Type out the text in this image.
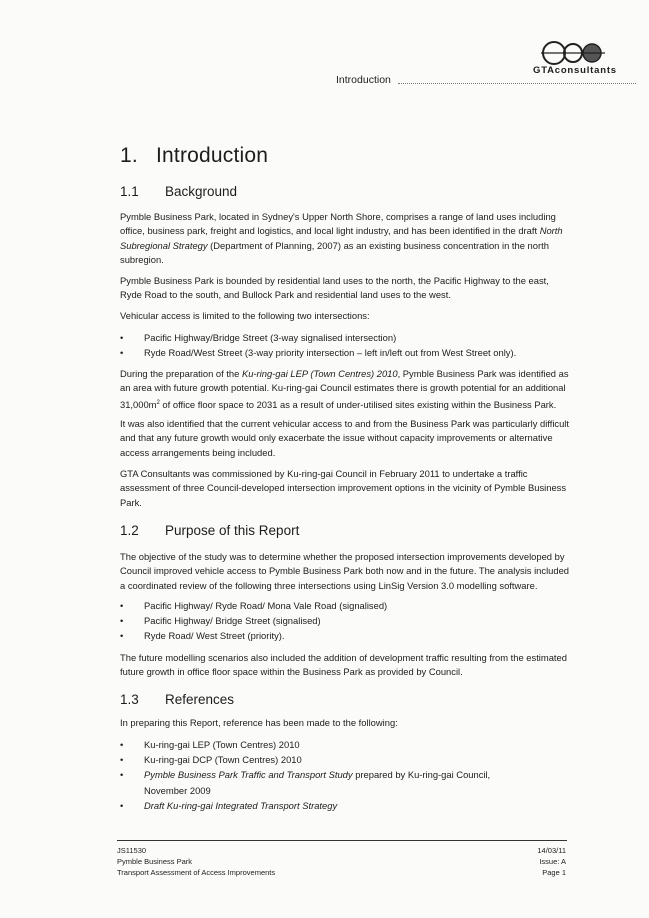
GTAconsultants
Introduction
1. Introduction
1.1 Background

Pymble Business Park, located in Sydney's Upper North Shore, comprises a range of land uses including office, business park, freight and logistics, and local light industry, and has been identified in the draft North Subregional Strategy (Department of Planning, 2007) as an existing business concentration in the north subregion.

Pymble Business Park is bounded by residential land uses to the north, the Pacific Highway to the east, Ryde Road to the south, and Bullock Park and residential land uses to the west.

Vehicular access is limited to the following two intersections:

• Pacific Highway/Bridge Street (3-way signalised intersection)
• Ryde Road/West Street (3-way priority intersection – left in/left out from West Street only).

During the preparation of the Ku-ring-gai LEP (Town Centres) 2010, Pymble Business Park was identified as an area with future growth potential. Ku-ring-gai Council estimates there is growth potential for an additional $31,000m^2$ of office floor space to 2031 as a result of under-utilised sites existing within the Business Park.

It was also identified that the current vehicular access to and from the Business Park was particularly difficult and that any future growth would only exacerbate the issue without capacity improvements or alternative access arrangements being included.

GTA Consultants was commissioned by Ku-ring-gai Council in February 2011 to undertake a traffic assessment of three Council-developed intersection improvement options in the vicinity of Pymble Business Park.

1.2 Purpose of this Report

The objective of the study was to determine whether the proposed intersection improvements developed by Council improved vehicle access to Pymble Business Park both now and in the future. The analysis included a coordinated review of the following three intersections using LinSig Version 3.0 modelling software.

• Pacific Highway/ Ryde Road/ Mona Vale Road (signalised)
• Pacific Highway/ Bridge Street (signalised)
• Ryde Road/ West Street (priority).

The future modelling scenarios also included the addition of development traffic resulting from the estimated future growth in office floor space within the Business Park as provided by Council.

1.3 References

In preparing this Report, reference has been made to the following:

• Ku-ring-gai LEP (Town Centres) 2010
• Ku-ring-gai DCP (Town Centres) 2010
• Pymble Business Park Traffic and Transport Study prepared by Ku-ring-gai Council, November 2009
• Draft Ku-ring-gai Integrated Transport Strategy
JS11530
Pymble Business Park
Transport Assessment of Access Improvements
14/03/11
Issue: A
Page 1
